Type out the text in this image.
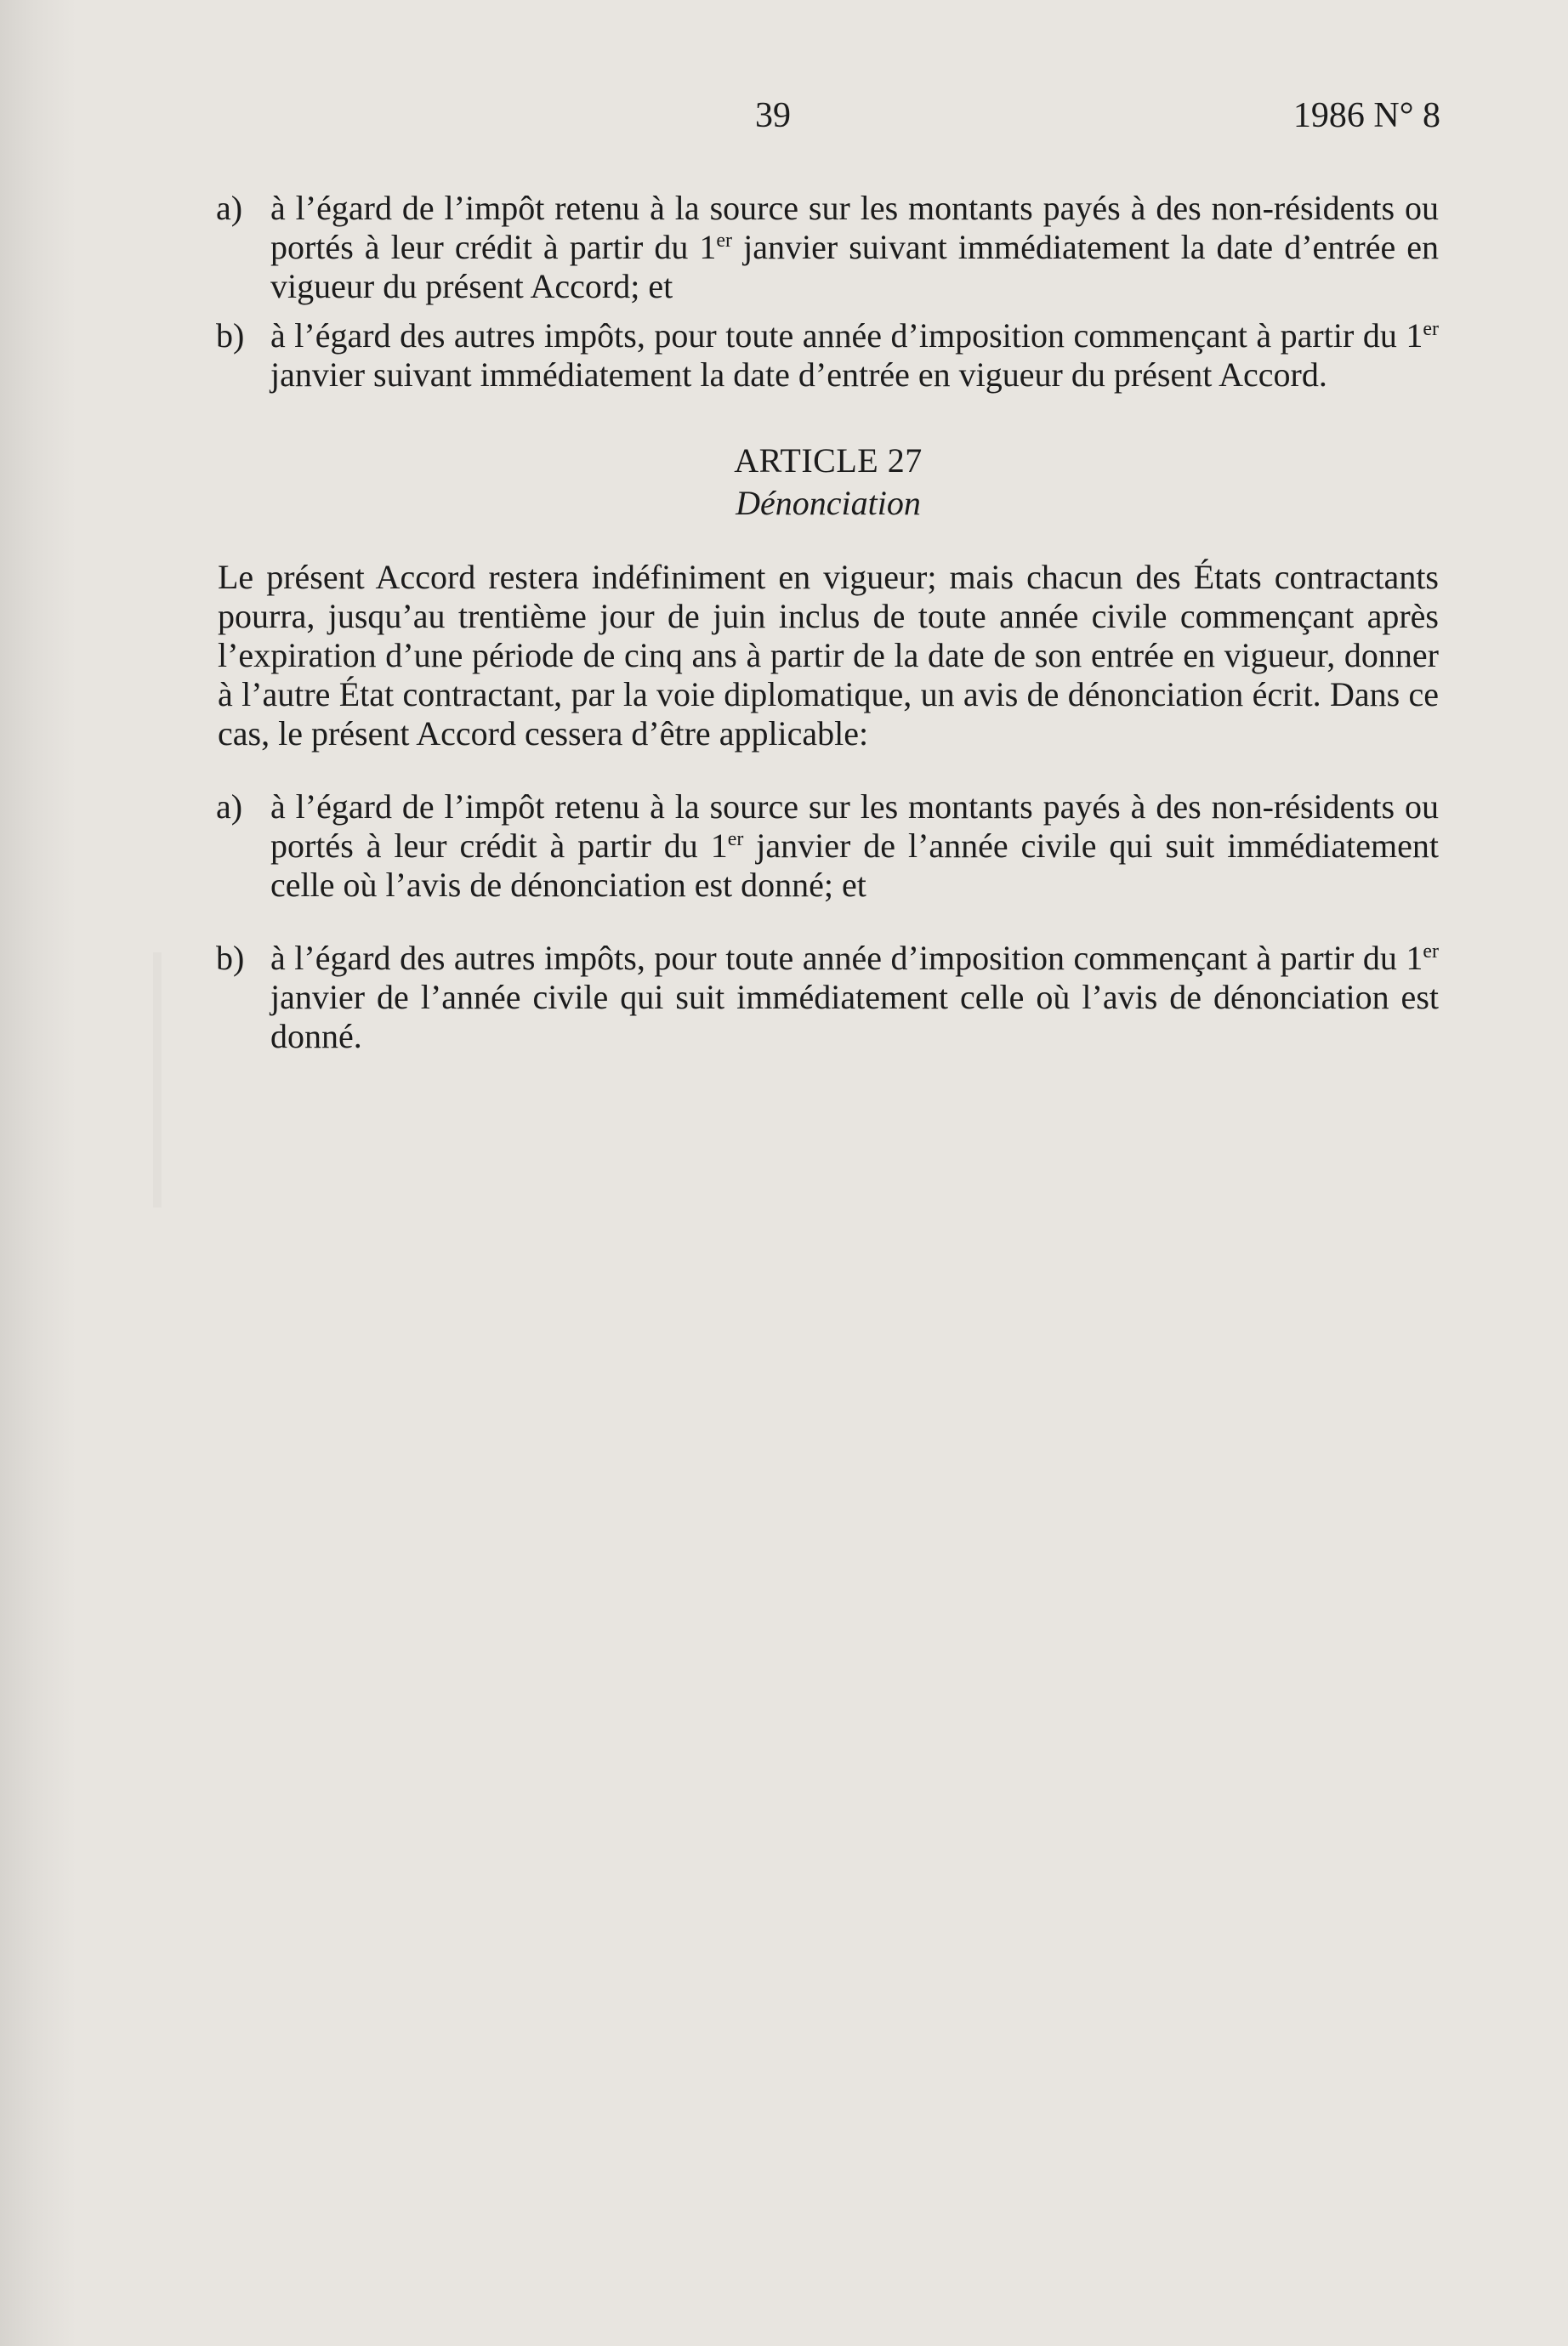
39	1986 N° 8

a) à l’égard de l’impôt retenu à la source sur les montants payés à des non-résidents ou portés à leur crédit à partir du 1er janvier suivant immédiatement la date d’entrée en vigueur du présent Accord; et

b) à l’égard des autres impôts, pour toute année d’imposition commençant à partir du 1er janvier suivant immédiatement la date d’entrée en vigueur du présent Accord.

ARTICLE 27
Dénonciation

Le présent Accord restera indéfiniment en vigueur; mais chacun des États contractants pourra, jusqu’au trentième jour de juin inclus de toute année civile commençant après l’expiration d’une période de cinq ans à partir de la date de son entrée en vigueur, donner à l’autre État contractant, par la voie diplomatique, un avis de dénonciation écrit. Dans ce cas, le présent Accord cessera d’être applicable:

a) à l’égard de l’impôt retenu à la source sur les montants payés à des non-résidents ou portés à leur crédit à partir du 1er janvier de l’année civile qui suit immédiatement celle où l’avis de dénonciation est donné; et

b) à l’égard des autres impôts, pour toute année d’imposition commençant à partir du 1er janvier de l’année civile qui suit immédiatement celle où l’avis de dénonciation est donné.
